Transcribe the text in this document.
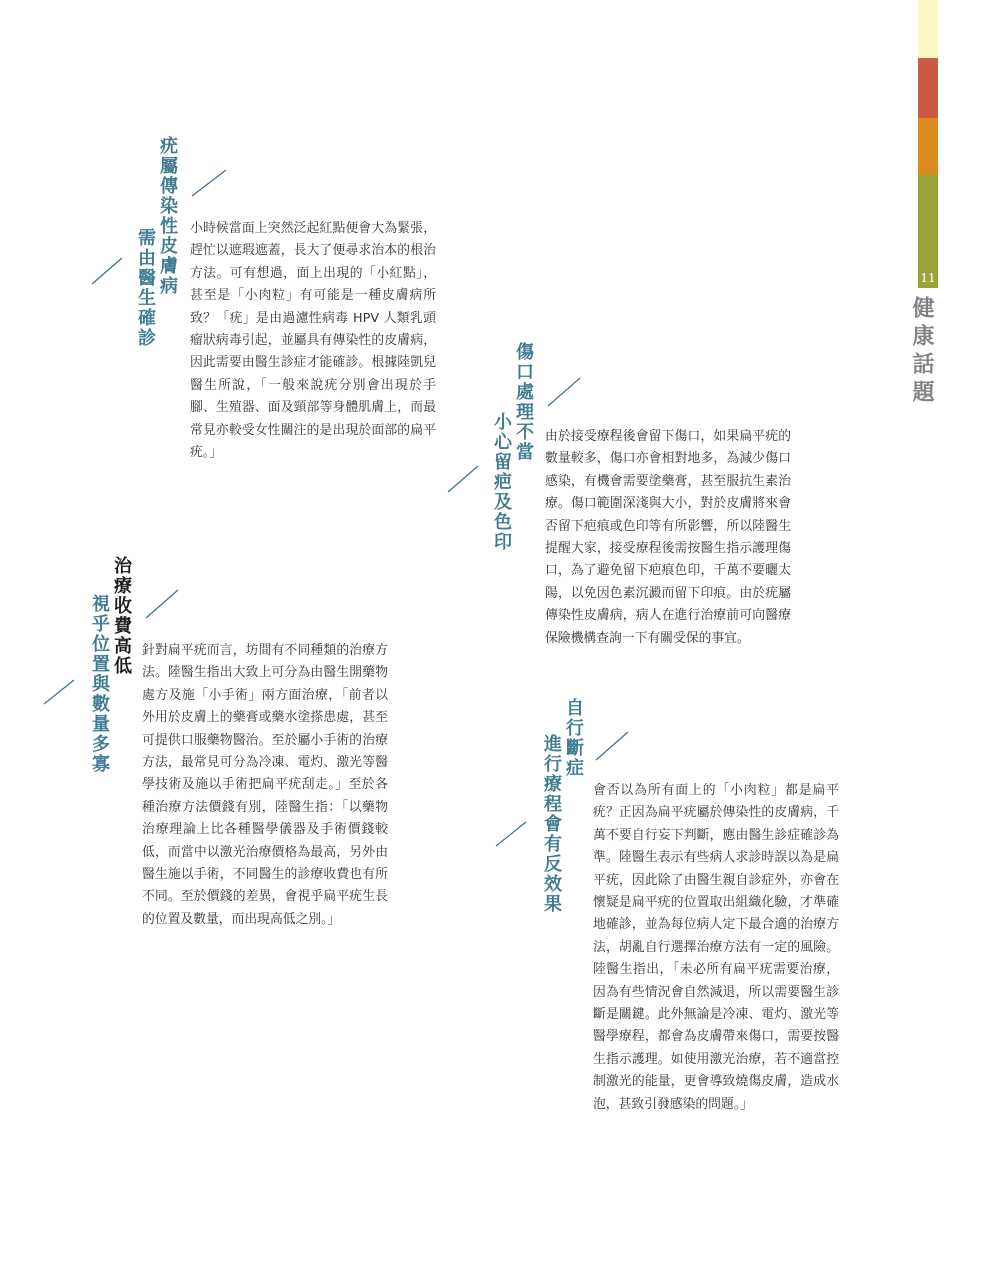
11
健康話題
疣屬傳染性皮膚病
需由醫生確診	小時候當面上突然泛起紅點便會大為緊張，趕忙以遮瑕遮蓋，長大了便尋求治本的根治方法。可有想過，面上出現的「小紅點」，甚至是「小肉粒」有可能是一種皮膚病所致？「疣」是由過濾性病毒 HPV 人類乳頭瘤狀病毒引起，並屬具有傳染性的皮膚病，因此需要由醫生診症才能確診。根據陸凱兒醫生所說，「一般來說疣分別會出現於手腳、生殖器、面及頸部等身體肌膚上，而最常見亦較受女性關注的是出現於面部的扁平疣。」	傷口處理不當
小心留疤及色印	由於接受療程後會留下傷口，如果扁平疣的數量較多，傷口亦會相對地多，為減少傷口感染，有機會需要塗藥膏，甚至服抗生素治療。傷口範圍深淺與大小，對於皮膚將來會否留下疤痕或色印等有所影響，所以陸醫生提醒大家，接受療程後需按醫生指示護理傷口，為了避免留下疤痕色印，千萬不要曬太陽，以免因色素沉澱而留下印痕。由於疣屬傳染性皮膚病，病人在進行治療前可向醫療保險機構查詢一下有關受保的事宜。

治療收費高低
視乎位置與數量多寡	針對扁平疣而言，坊間有不同種類的治療方法。陸醫生指出大致上可分為由醫生開藥物處方及施「小手術」兩方面治療，「前者以外用於皮膚上的藥膏或藥水塗搽患處，甚至可提供口服藥物醫治。至於屬小手術的治療方法，最常見可分為冷凍、電灼、激光等醫學技術及施以手術把扁平疣刮走。」至於各種治療方法價錢有別，陸醫生指：「以藥物治療理論上比各種醫學儀器及手術價錢較低，而當中以激光治療價格為最高，另外由醫生施以手術，不同醫生的診療收費也有所不同。至於價錢的差異，會視乎扁平疣生長的位置及數量，而出現高低之別。」

自行斷症
進行療程會有反效果 會否以為所有面上的「小肉粒」都是扁平疣？正因為扁平疣屬於傳染性的皮膚病，千萬不要自行妄下判斷，應由醫生診症確診為準。陸醫生表示有些病人求診時誤以為是扁平疣，因此除了由醫生親自診症外，亦會在懷疑是扁平疣的位置取出組織化驗，才準確地確診，並為每位病人定下最合適的治療方法，胡亂自行選擇治療方法有一定的風險。陸醫生指出，「未必所有扁平疣需要治療，因為有些情況會自然減退，所以需要醫生診斷是關鍵。此外無論是冷凍、電灼、激光等醫學療程，都會為皮膚帶來傷口，需要按醫生指示護理。如使用激光治療，若不適當控制激光的能量，更會導致燒傷皮膚，造成水泡，甚致引發感染的問題。」
